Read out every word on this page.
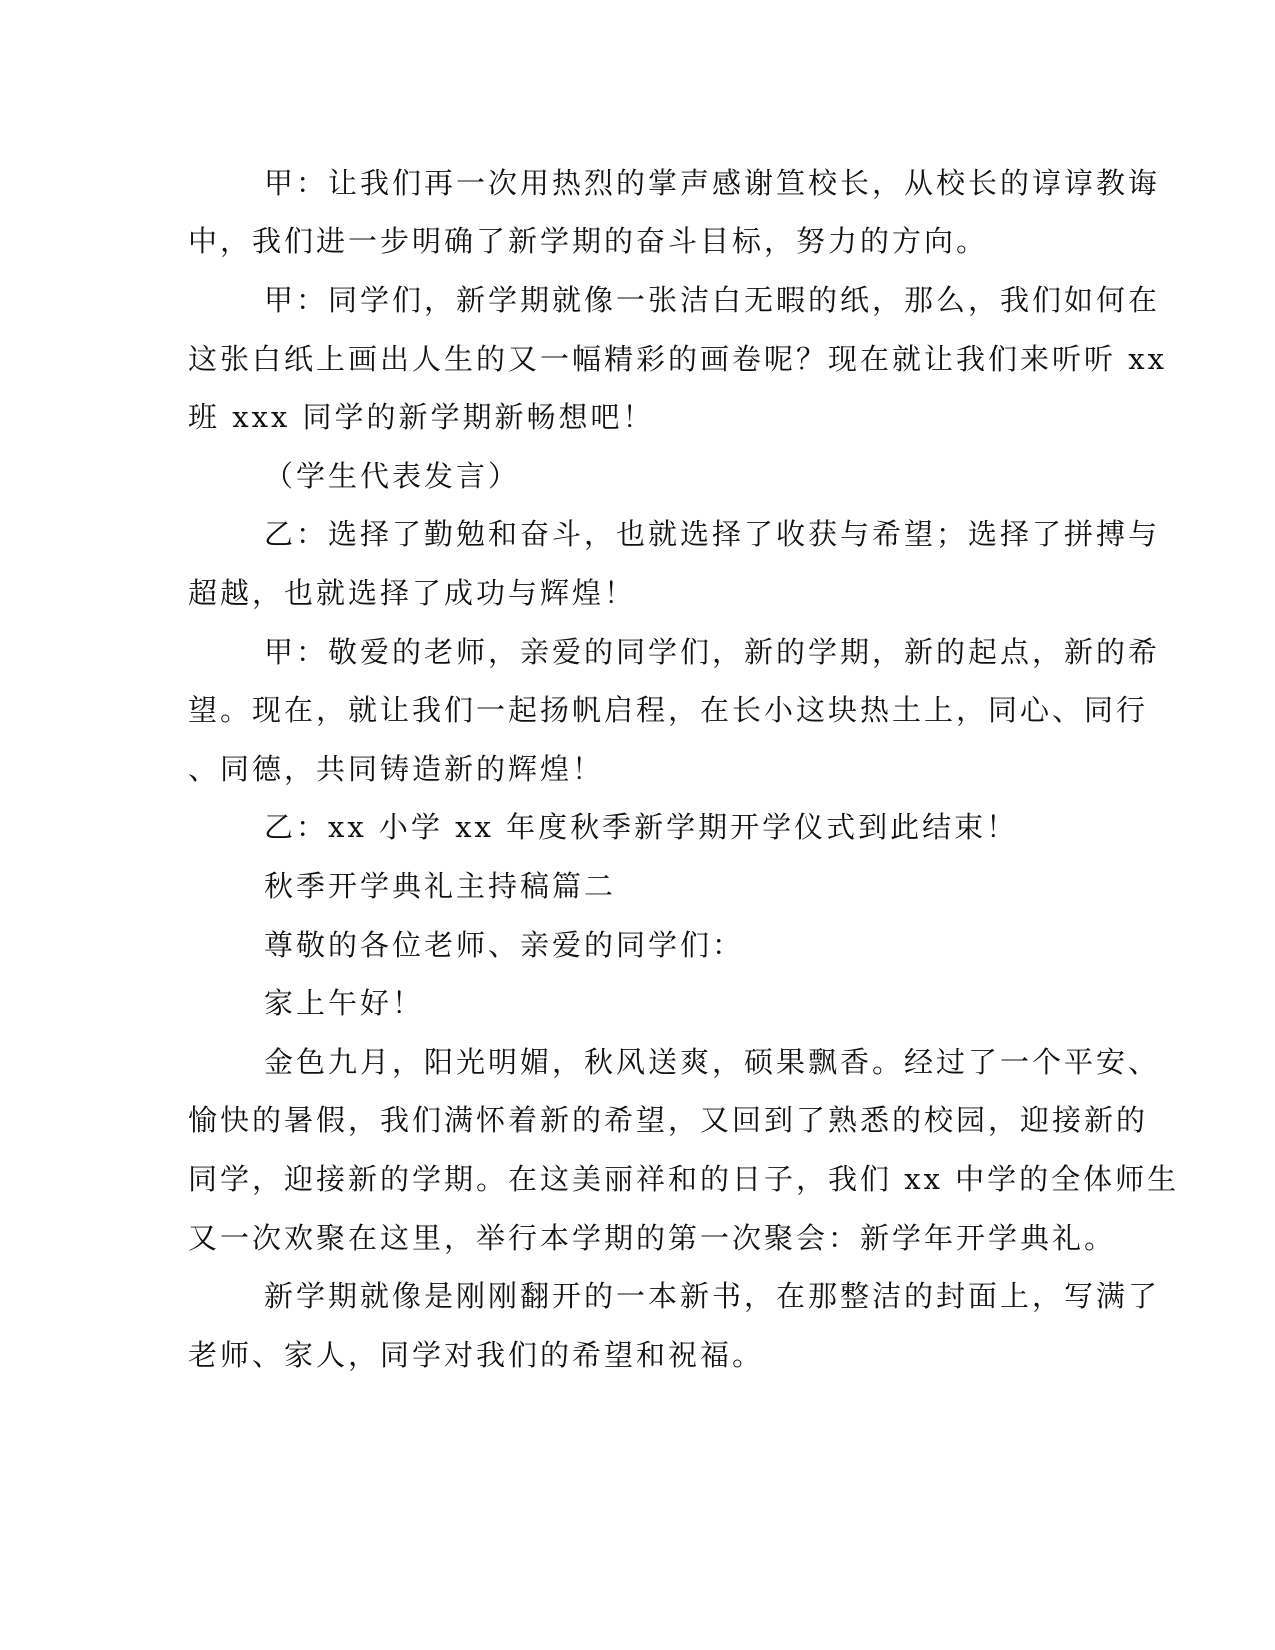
甲：让我们再一次用热烈的掌声感谢笪校长，从校长的谆谆教诲
中，我们进一步明确了新学期的奋斗目标，努力的方向。
甲：同学们，新学期就像一张洁白无暇的纸，那么，我们如何在
这张白纸上画出人生的又一幅精彩的画卷呢？现在就让我们来听听 xx
班 xxx 同学的新学期新畅想吧！
（学生代表发言）
乙：选择了勤勉和奋斗，也就选择了收获与希望；选择了拼搏与
超越，也就选择了成功与辉煌！
甲：敬爱的老师，亲爱的同学们，新的学期，新的起点，新的希
望。现在，就让我们一起扬帆启程，在长小这块热土上，同心、同行
、同德，共同铸造新的辉煌！
乙：xx 小学 xx 年度秋季新学期开学仪式到此结束！
秋季开学典礼主持稿篇二
尊敬的各位老师、亲爱的同学们：
家上午好！
金色九月，阳光明媚，秋风送爽，硕果飘香。经过了一个平安、
愉快的暑假，我们满怀着新的希望，又回到了熟悉的校园，迎接新的
同学，迎接新的学期。在这美丽祥和的日子，我们 xx 中学的全体师生
又一次欢聚在这里，举行本学期的第一次聚会：新学年开学典礼。
新学期就像是刚刚翻开的一本新书，在那整洁的封面上，写满了
老师、家人，同学对我们的希望和祝福。
